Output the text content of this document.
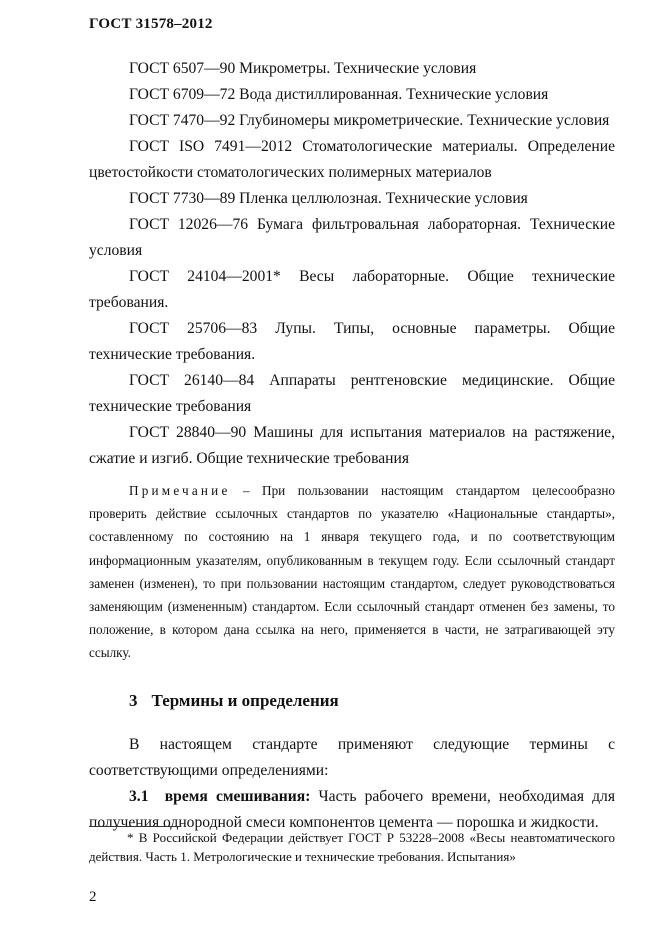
ГОСТ 31578–2012

ГОСТ 6507—90 Микрометры. Технические условия

ГОСТ 6709—72 Вода дистиллированная. Технические условия

ГОСТ 7470—92 Глубиномеры микрометрические. Технические условия

ГОСТ ISO 7491—2012 Стоматологические материалы. Определение цветостойкости стоматологических полимерных материалов

ГОСТ 7730—89 Пленка целлюлозная. Технические условия

ГОСТ 12026—76 Бумага фильтровальная лабораторная. Технические условия

ГОСТ 24104—2001* Весы лабораторные. Общие технические

требования.

ГОСТ 25706—83 Лупы. Типы, основные параметры. Общие

технические требования.

ГОСТ 26140—84 Аппараты рентгеновские медицинские. Общие

технические требования

ГОСТ 28840—90 Машины для испытания материалов на растяжение, сжатие и изгиб. Общие технические требования

Примечание – При пользовании настоящим стандартом целесообразно проверить действие ссылочных стандартов по указателю «Национальные стандарты», составленному по состоянию на 1 января текущего года, и по соответствующим информационным указателям, опубликованным в текущем году. Если ссылочный стандарт заменен (изменен), то при пользовании настоящим стандартом, следует руководствоваться заменяющим (измененным) стандартом. Если ссылочный стандарт отменен без замены, то положение, в котором дана ссылка на него, применяется в части, не затрагивающей эту ссылку.

3 Термины и определения

В настоящем стандарте применяют следующие термины с соответствующими определениями:

3.1 время смешивания: Часть рабочего времени, необходимая для получения однородной смеси компонентов цемента — порошка и жидкости.

* В Российской Федерации действует ГОСТ Р 53228–2008 «Весы неавтоматического действия. Часть 1. Метрологические и технические требования. Испытания»
2
